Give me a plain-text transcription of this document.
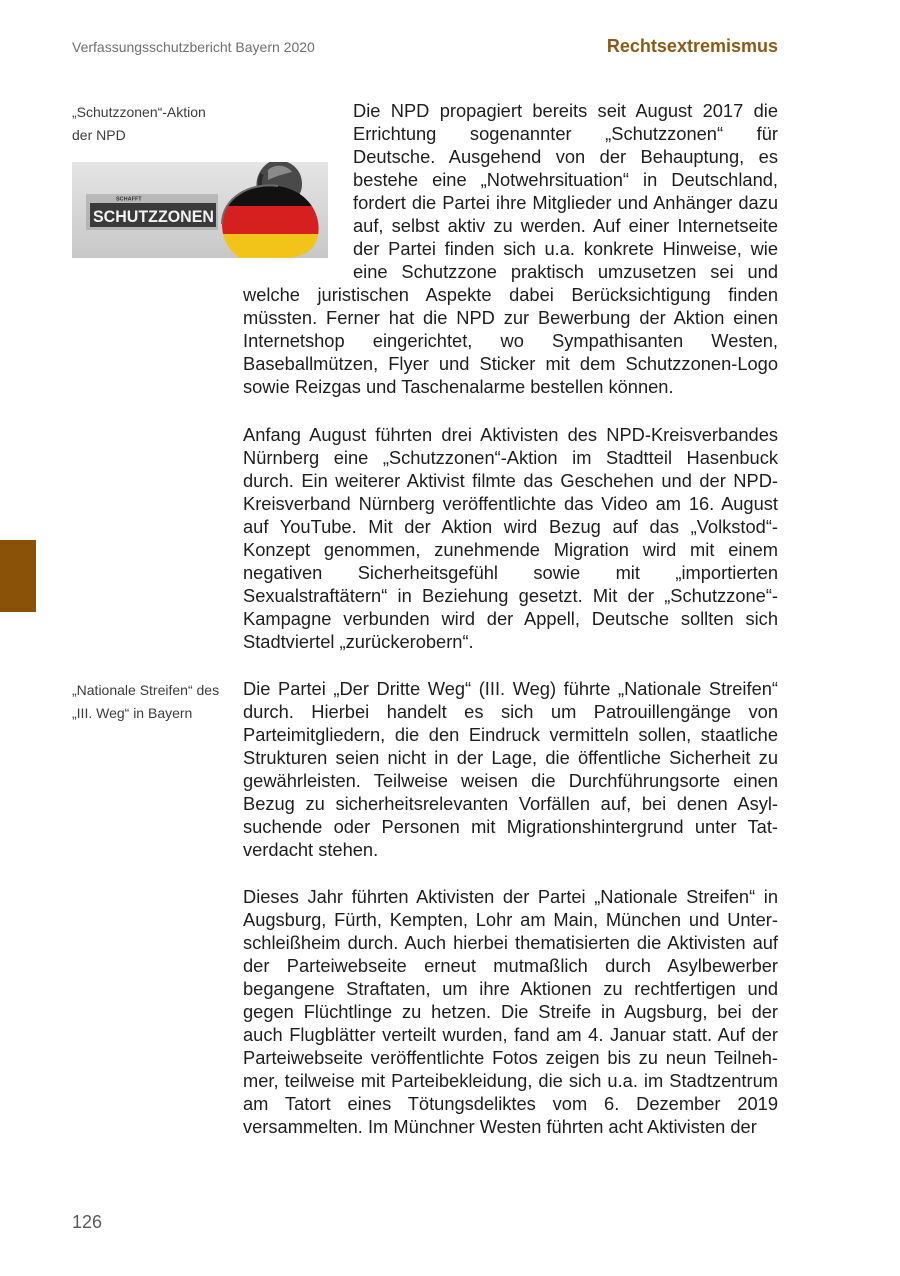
Verfassungsschutzbericht Bayern 2020	Rechtsextremismus
„Schutzzonen“-Aktion der NPD
„Nationale Streifen“ des „III. Weg“ in Bayern
SCHAFFT
SCHUTZZONEN

Die NPD propagiert bereits seit August 2017 die Errichtung sogenannter „Schutzzonen“ für Deutsche. Ausgehend von der Behauptung, es bestehe eine „Notwehrsituation“ in Deutschland, fordert die Partei ihre Mitglieder und Anhänger dazu auf, selbst aktiv zu werden. Auf einer Internetseite der Partei finden sich u.a. konkrete Hinweise, wie eine Schutzzone praktisch umzusetzen sei und welche juristischen Aspekte dabei Berücksichtigung finden müssten. Ferner hat die NPD zur Bewerbung der Aktion einen Internetshop eingerichtet, wo Sympathisanten Westen, Baseballmützen, Flyer und Sticker mit dem Schutzzonen-Logo sowie Reizgas und Taschenalarme bestellen können.

Anfang August führten drei Aktivisten des NPD-Kreisverbandes Nürnberg eine „Schutzzonen“-Aktion im Stadtteil Hasenbuck durch. Ein weiterer Aktivist filmte das Geschehen und der NPD-Kreisverband Nürnberg veröffentlichte das Video am 16. August auf YouTube. Mit der Aktion wird Bezug auf das „Volkstod“-Konzept genommen, zunehmende Migration wird mit einem negativen Sicherheitsgefühl sowie mit „importierten Sexualstraftätern“ in Beziehung gesetzt. Mit der „Schutzzone“-Kampagne verbunden wird der Appell, Deutsche sollten sich Stadtviertel „zurückerobern“.

Die Partei „Der Dritte Weg“ (III. Weg) führte „Nationale Streifen“ durch. Hierbei handelt es sich um Patrouillengänge von Parteimitgliedern, die den Eindruck vermitteln sollen, staatliche Strukturen seien nicht in der Lage, die öffentliche Sicherheit zu gewährleisten. Teilweise weisen die Durchführungsorte einen Bezug zu sicherheitsrelevanten Vorfällen auf, bei denen Asylsuchende oder Personen mit Migrationshintergrund unter Tatverdacht stehen.

Dieses Jahr führten Aktivisten der Partei „Nationale Streifen“ in Augsburg, Fürth, Kempten, Lohr am Main, München und Unterschleißheim durch. Auch hierbei thematisierten die Aktivisten auf der Parteiwebseite erneut mutmaßlich durch Asylbewerber begangene Straftaten, um ihre Aktionen zu rechtfertigen und gegen Flüchtlinge zu hetzen. Die Streife in Augsburg, bei der auch Flugblätter verteilt wurden, fand am 4. Januar statt. Auf der Parteiwebseite veröffentlichte Fotos zeigen bis zu neun Teilnehmer, teilweise mit Parteibekleidung, die sich u.a. im Stadtzentrum am Tatort eines Tötungsdeliktes vom 6. Dezember 2019 versammelten. Im Münchner Westen führten acht Aktivisten der

126
